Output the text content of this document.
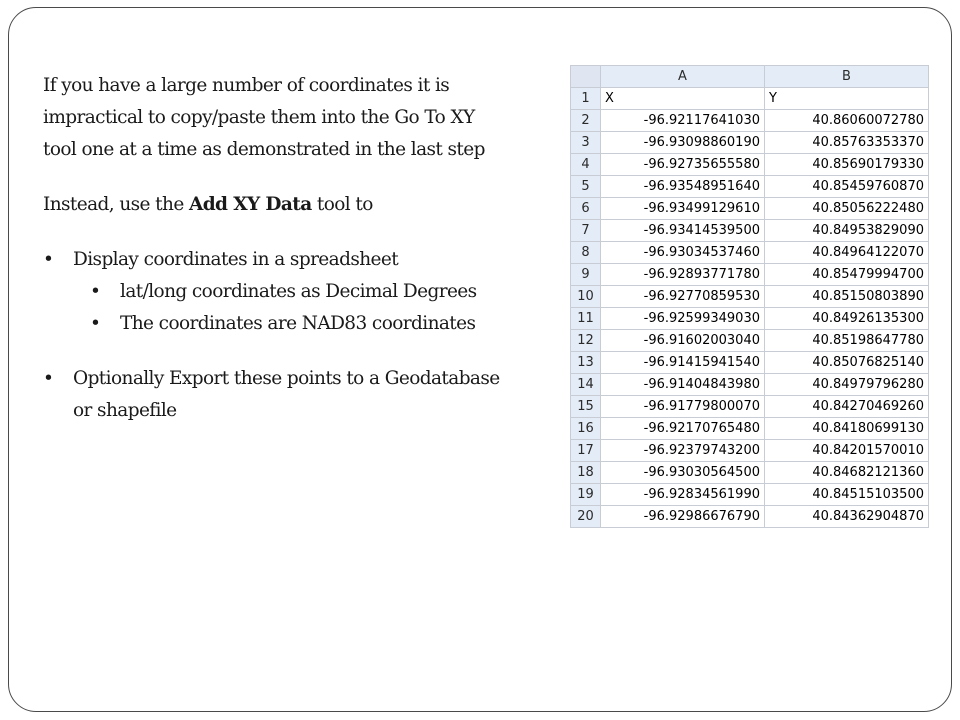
If you have a large number of coordinates it is

impractical to copy/paste them into the Go To XY

tool one at a time as demonstrated in the last step

Instead, use the Add XY Data tool to

• Display coordinates in a spreadsheet
• lat/long coordinates as Decimal Degrees
• The coordinates are NAD83 coordinates
• Optionally Export these points to a Geodatabase
or shapefile
	A	B
1	X	Y
2	-96.92117641030	40.86060072780
3	-96.93098860190	40.85763353370
4	-96.92735655580	40.85690179330
5	-96.93548951640	40.85459760870
6	-96.93499129610	40.85056222480
7	-96.93414539500	40.84953829090
8	-96.93034537460	40.84964122070
9	-96.92893771780	40.85479994700
10	-96.92770859530	40.85150803890
11	-96.92599349030	40.84926135300
12	-96.91602003040	40.85198647780
13	-96.91415941540	40.85076825140
14	-96.91404843980	40.84979796280
15	-96.91779800070	40.84270469260
16	-96.92170765480	40.84180699130
17	-96.92379743200	40.84201570010
18	-96.93030564500	40.84682121360
19	-96.92834561990	40.84515103500
20	-96.92986676790	40.84362904870
